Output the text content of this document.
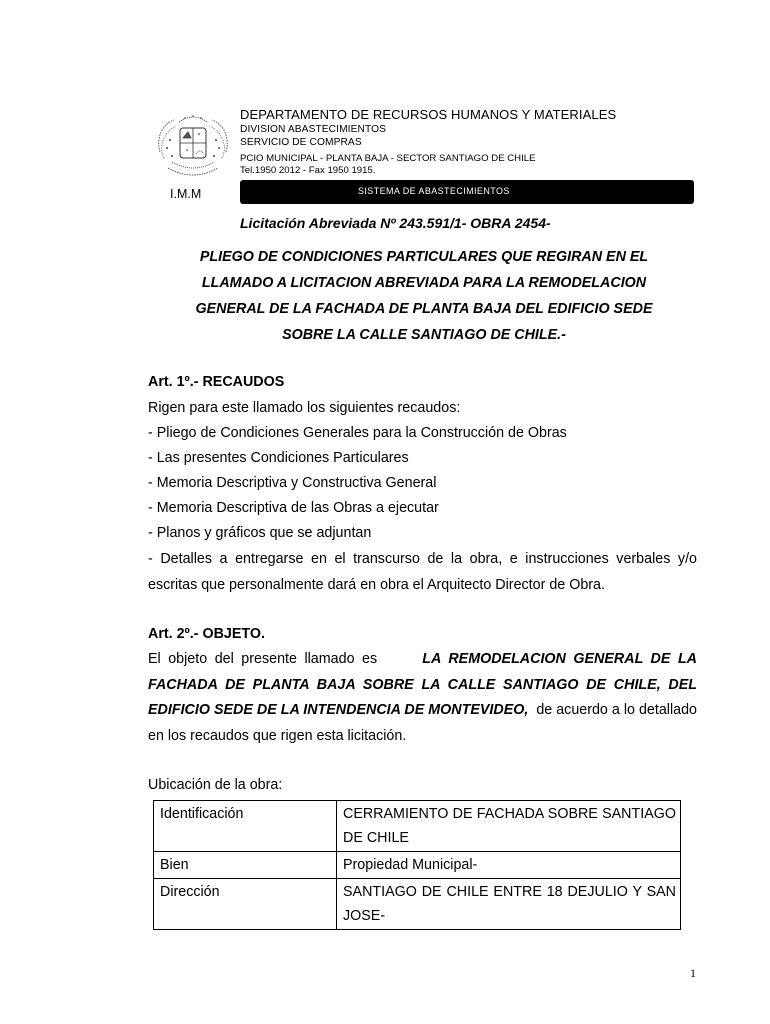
I.M.M
DEPARTAMENTO DE RECURSOS HUMANOS Y MATERIALES
DIVISION ABASTECIMIENTOS
SERVICIO DE COMPRAS
PCIO MUNICIPAL - PLANTA BAJA - SECTOR SANTIAGO DE CHILE
Tel.1950 2012 - Fax 1950 1915.
SISTEMA DE ABASTECIMIENTOS
Licitación Abreviada Nº 243.591/1- OBRA 2454-
PLIEGO DE CONDICIONES PARTICULARES QUE REGIRAN EN EL
LLAMADO A LICITACION ABREVIADA PARA LA REMODELACION
GENERAL DE LA FACHADA DE PLANTA BAJA DEL EDIFICIO SEDE
SOBRE LA CALLE SANTIAGO DE CHILE.-
Art. 1º.- RECAUDOS
Rigen para este llamado los siguientes recaudos:
- Pliego de Condiciones Generales para la Construcción de Obras
- Las presentes Condiciones Particulares
- Memoria Descriptiva y Constructiva General
- Memoria Descriptiva de las Obras a ejecutar
- Planos y gráficos que se adjuntan
- Detalles a entregarse en el transcurso de la obra, e instrucciones verbales y/o escritas que personalmente dará en obra el Arquitecto Director de Obra.
Art. 2º.- OBJETO.
El objeto del presente llamado es	LA REMODELACION GENERAL DE LA FACHADA DE PLANTA BAJA SOBRE LA CALLE SANTIAGO DE CHILE, DEL EDIFICIO SEDE DE LA INTENDENCIA DE MONTEVIDEO, de acuerdo a lo detallado en los recaudos que rigen esta licitación.
Ubicación de la obra:
Identificación	CERRAMIENTO DE FACHADA SOBRE SANTIAGO DE CHILE
Bien	Propiedad Municipal-
Dirección	SANTIAGO DE CHILE ENTRE 18 DEJULIO Y SAN JOSE-
1
